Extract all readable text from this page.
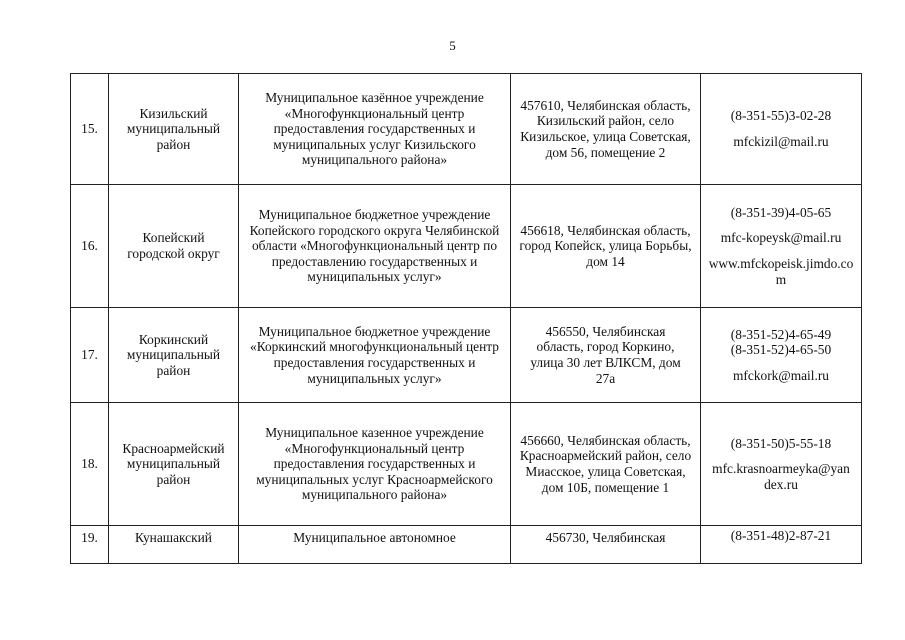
5
15.	Кизильский муниципальный район	Муниципальное казённое учреждение «Многофункциональный центр предоставления государственных и муниципальных услуг Кизильского муниципального района»	457610, Челябинская область, Кизильский район, село Кизильское, улица Советская, дом 56, помещение 2	(8-351-55)3-02-28
mfckizil@mail.ru

16.	Копейский городской округ	Муниципальное бюджетное учреждение Копейского городского округа Челябинской области «Многофункциональный центр по предоставлению государственных и муниципальных услуг»	456618, Челябинская область, город Копейск, улица Борьбы, дом 14	(8-351-39)4-05-65
mfc-kopeysk@mail.ru
www.mfckopeisk.jimdo.com

17.	Коркинский муниципальный район	Муниципальное бюджетное учреждение «Коркинский многофункциональный центр предоставления государственных и муниципальных услуг»	456550, Челябинская область, город Коркино, улица 30 лет ВЛКСМ, дом 27а	(8-351-52)4-65-49
(8-351-52)4-65-50
mfckork@mail.ru

18.	Красноармейский муниципальный район	Муниципальное казенное учреждение «Многофункциональный центр предоставления государственных и муниципальных услуг Красноармейского муниципального района»	456660, Челябинская область, Красноармейский район, село Миасское, улица Советская, дом 10Б, помещение 1	(8-351-50)5-55-18
mfc.krasnoarmeyka@yandex.ru

19.	Кунашакский	Муниципальное автономное	456730, Челябинская	(8-351-48)2-87-21
